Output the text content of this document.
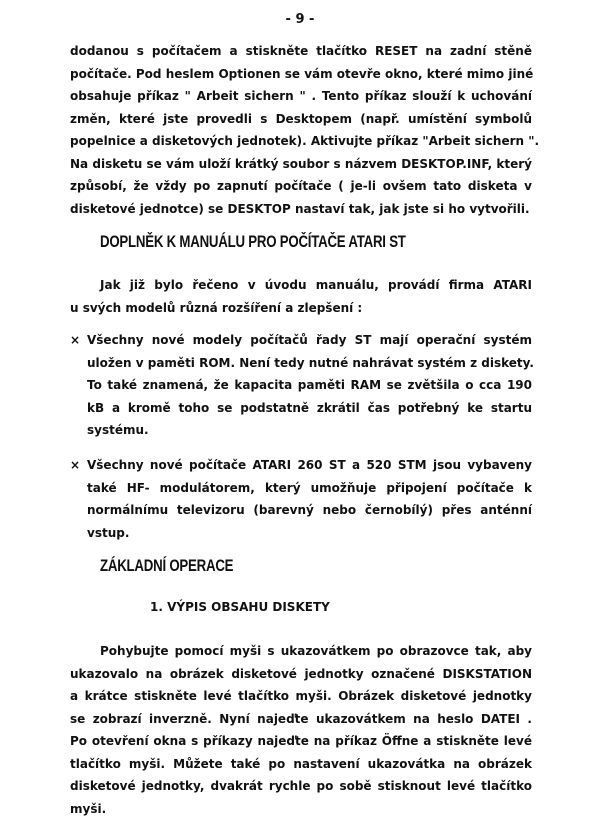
- 9 -
dodanou s počítačem a stiskněte tlačítko RESET na zadní stěně
počítače. Pod heslem Optionen se vám otevře okno, které mimo jiné
obsahuje příkaz " Arbeit sichern " . Tento příkaz slouží k uchování
změn, které jste provedli s Desktopem (např. umístění symbolů
popelnice a disketových jednotek). Aktivujte příkaz "Arbeit sichern ".
Na disketu se vám uloží krátký soubor s názvem DESKTOP.INF, který
způsobí, že vždy po zapnutí počítače ( je-li ovšem tato disketa v
disketové jednotce) se DESKTOP nastaví tak, jak jste si ho vytvořili.
DOPLNĚK K MANUÁLU PRO POČÍTAČE ATARI ST
Jak již bylo řečeno v úvodu manuálu, provádí firma ATARI
u svých modelů různá rozšíření a zlepšení :
× Všechny nové modely počítačů řady ST mají operační systém
uložen v paměti ROM. Není tedy nutné nahrávat systém z diskety.
To také znamená, že kapacita paměti RAM se zvětšila o cca 190
kB a kromě toho se podstatně zkrátil čas potřebný ke startu
systému.
× Všechny nové počítače ATARI 260 ST a 520 STM jsou vybaveny
také HF- modulátorem, který umožňuje připojení počítače k
normálnímu televizoru (barevný nebo černobílý) přes anténní
vstup.
ZÁKLADNÍ OPERACE
1. VÝPIS OBSAHU DISKETY
Pohybujte pomocí myši s ukazovátkem po obrazovce tak, aby
ukazovalo na obrázek disketové jednotky označené DISKSTATION
a krátce stiskněte levé tlačítko myši. Obrázek disketové jednotky
se zobrazí inverzně. Nyní najeďte ukazovátkem na heslo DATEI .
Po otevření okna s příkazy najeďte na příkaz Öffne a stiskněte levé
tlačítko myši. Můžete také po nastavení ukazovátka na obrázek
disketové jednotky, dvakrát rychle po sobě stisknout levé tlačítko
myši.
